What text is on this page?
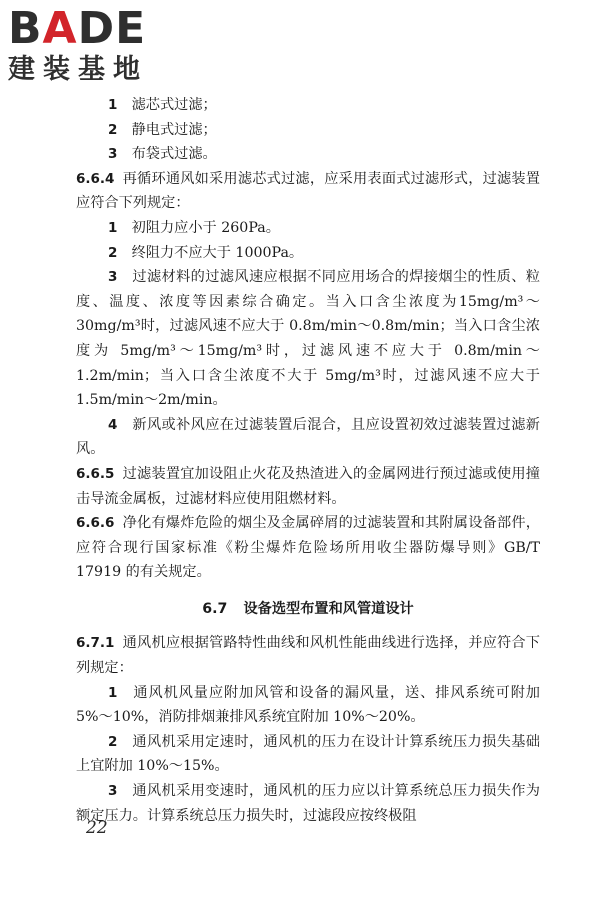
BADE
建装基地
1　 滤芯式过滤；
2　 静电式过滤；
3　 布袋式过滤。
6.6.4 再循环通风如采用滤芯式过滤，应采用表面式过滤形式，过滤装置应符合下列规定：
1　 初阻力应小于 260Pa。
2　 终阻力不应大于 1000Pa。
3　 过滤材料的过滤风速应根据不同应用场合的焊接烟尘的性质、粒度、温度、浓度等因素综合确定。当入口含尘浓度为15mg/m³～30mg/m³时，过滤风速不应大于 0.8m/min～0.8m/min；当入口含尘浓度为 5mg/m³～15mg/m³时，过滤风速不应大于 0.8m/min～1.2m/min；当入口含尘浓度不大于 5mg/m³时，过滤风速不应大于 1.5m/min～2m/min。
4　 新风或补风应在过滤装置后混合，且应设置初效过滤装置过滤新风。
6.6.5 过滤装置宜加设阻止火花及热渣进入的金属网进行预过滤或使用撞击导流金属板，过滤材料应使用阻燃材料。
6.6.6 净化有爆炸危险的烟尘及金属碎屑的过滤装置和其附属设备部件，应符合现行国家标准《粉尘爆炸危险场所用收尘器防爆导则》GB/T 17919 的有关规定。
6.7 设备选型布置和风管道设计
6.7.1 通风机应根据管路特性曲线和风机性能曲线进行选择，并应符合下列规定：
1　 通风机风量应附加风管和设备的漏风量，送、排风系统可附加 5%～10%，消防排烟兼排风系统宜附加 10%～20%。
2　 通风机采用定速时，通风机的压力在设计计算系统压力损失基础上宜附加 10%～15%。
3　 通风机采用变速时，通风机的压力应以计算系统总压力损失作为额定压力。计算系统总压力损失时，过滤段应按终极阻
22
